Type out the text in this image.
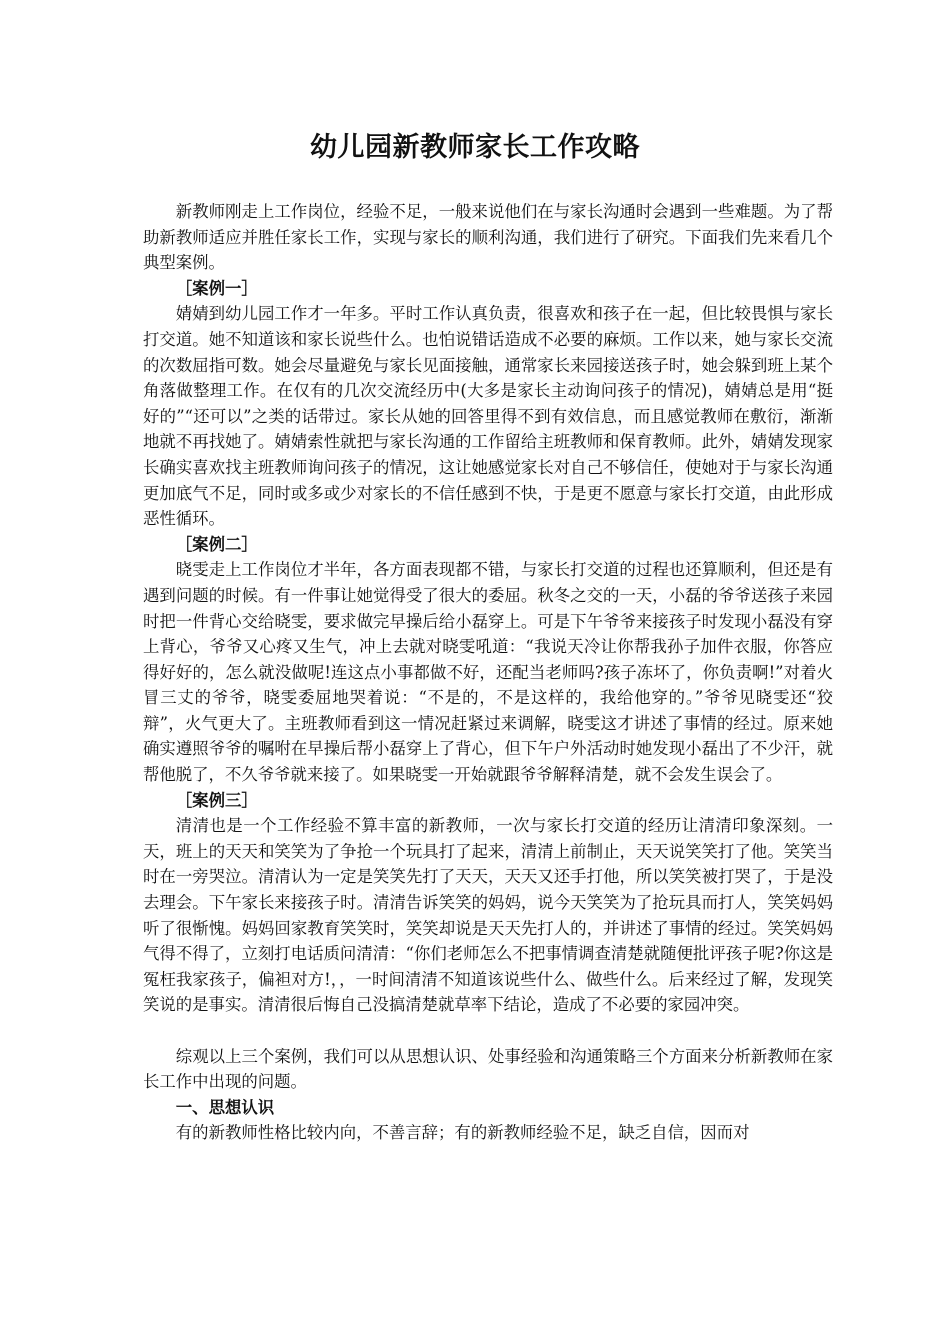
幼儿园新教师家长工作攻略

新教师刚走上工作岗位，经验不足，一般来说他们在与家长沟通时会遇到一些难题。为了帮助新教师适应并胜任家长工作，实现与家长的顺利沟通，我们进行了研究。下面我们先来看几个典型案例。

［案例一］

婧婧到幼儿园工作才一年多。平时工作认真负责，很喜欢和孩子在一起，但比较畏惧与家长打交道。她不知道该和家长说些什么。也怕说错话造成不必要的麻烦。工作以来，她与家长交流的次数屈指可数。她会尽量避免与家长见面接触，通常家长来园接送孩子时，她会躲到班上某个角落做整理工作。在仅有的几次交流经历中(大多是家长主动询问孩子的情况)，婧婧总是用“挺好的”“还可以”之类的话带过。家长从她的回答里得不到有效信息，而且感觉教师在敷衍，渐渐地就不再找她了。婧婧索性就把与家长沟通的工作留给主班教师和保育教师。此外，婧婧发现家长确实喜欢找主班教师询问孩子的情况，这让她感觉家长对自己不够信任，使她对于与家长沟通更加底气不足，同时或多或少对家长的不信任感到不快，于是更不愿意与家长打交道，由此形成恶性循环。

［案例二］

晓雯走上工作岗位才半年，各方面表现都不错，与家长打交道的过程也还算顺利，但还是有遇到问题的时候。有一件事让她觉得受了很大的委屈。秋冬之交的一天，小磊的爷爷送孩子来园时把一件背心交给晓雯，要求做完早操后给小磊穿上。可是下午爷爷来接孩子时发现小磊没有穿上背心，爷爷又心疼又生气，冲上去就对晓雯吼道：“我说天冷让你帮我孙子加件衣服，你答应得好好的，怎么就没做呢!连这点小事都做不好，还配当老师吗?孩子冻坏了，你负责啊!”对着火冒三丈的爷爷，晓雯委屈地哭着说：“不是的，不是这样的，我给他穿的。”爷爷见晓雯还“狡辩”，火气更大了。主班教师看到这一情况赶紧过来调解，晓雯这才讲述了事情的经过。原来她确实遵照爷爷的嘱咐在早操后帮小磊穿上了背心，但下午户外活动时她发现小磊出了不少汗，就帮他脱了，不久爷爷就来接了。如果晓雯一开始就跟爷爷解释清楚，就不会发生误会了。

［案例三］

清清也是一个工作经验不算丰富的新教师，一次与家长打交道的经历让清清印象深刻。一天，班上的天天和笑笑为了争抢一个玩具打了起来，清清上前制止，天天说笑笑打了他。笑笑当时在一旁哭泣。清清认为一定是笑笑先打了天天，天天又还手打他，所以笑笑被打哭了，于是没去理会。下午家长来接孩子时。清清告诉笑笑的妈妈，说今天笑笑为了抢玩具而打人，笑笑妈妈听了很惭愧。妈妈回家教育笑笑时，笑笑却说是天天先打人的，并讲述了事情的经过。笑笑妈妈气得不得了，立刻打电话质问清清：“你们老师怎么不把事情调查清楚就随便批评孩子呢?你这是冤枉我家孩子，偏袒对方!，，一时间清清不知道该说些什么、做些什么。后来经过了解，发现笑笑说的是事实。清清很后悔自己没搞清楚就草率下结论，造成了不必要的家园冲突。

综观以上三个案例，我们可以从思想认识、处事经验和沟通策略三个方面来分析新教师在家长工作中出现的问题。

一、思想认识

有的新教师性格比较内向，不善言辞；有的新教师经验不足，缺乏自信，因而对
